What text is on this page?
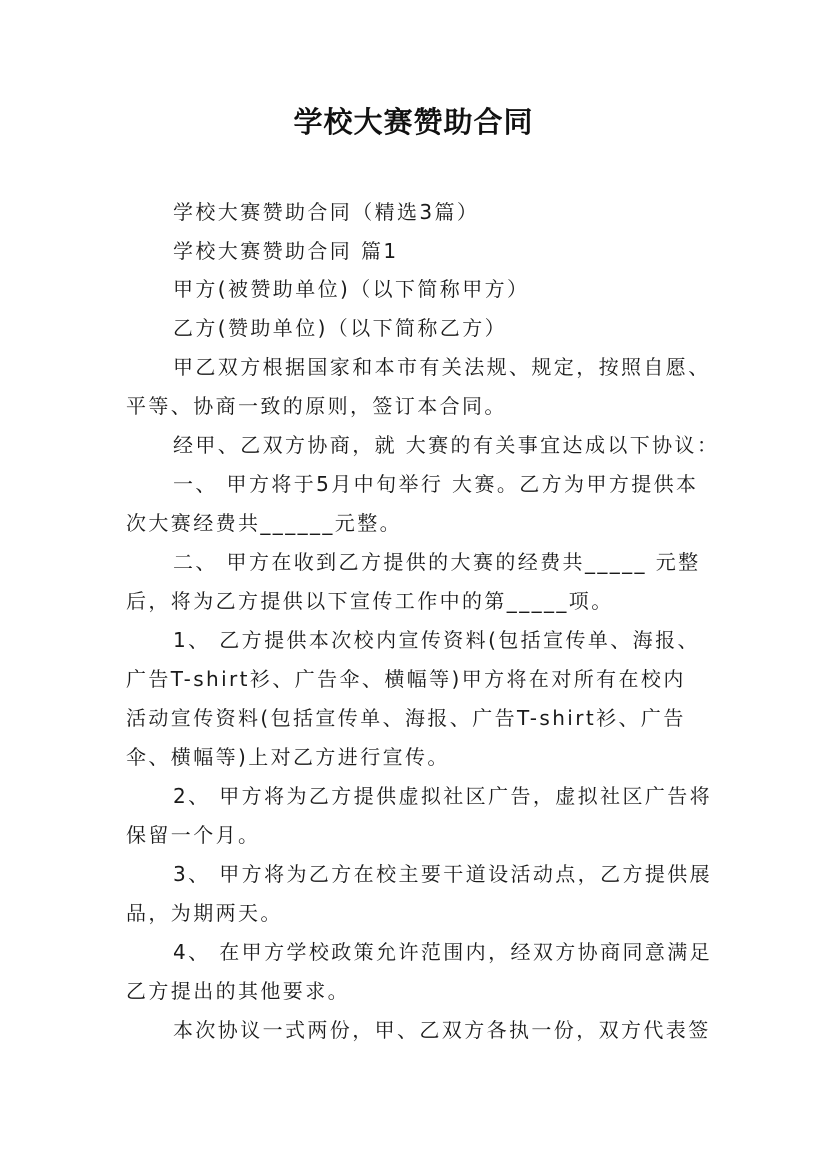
学校大赛赞助合同
学校大赛赞助合同（精选3篇）
学校大赛赞助合同 篇1
甲方(被赞助单位)（以下简称甲方）
乙方(赞助单位)（以下简称乙方）
甲乙双方根据国家和本市有关法规、规定，按照自愿、
平等、协商一致的原则，签订本合同。
经甲、乙双方协商，就 大赛的有关事宜达成以下协议：
一、 甲方将于5月中旬举行 大赛。乙方为甲方提供本
次大赛经费共______元整。
二、 甲方在收到乙方提供的大赛的经费共_____ 元整
后，将为乙方提供以下宣传工作中的第_____项。
1、 乙方提供本次校内宣传资料(包括宣传单、海报、
广告T-shirt衫、广告伞、横幅等)甲方将在对所有在校内
活动宣传资料(包括宣传单、海报、广告T-shirt衫、广告
伞、横幅等)上对乙方进行宣传。
2、 甲方将为乙方提供虚拟社区广告，虚拟社区广告将
保留一个月。
3、 甲方将为乙方在校主要干道设活动点，乙方提供展
品，为期两天。
4、 在甲方学校政策允许范围内，经双方协商同意满足
乙方提出的其他要求。
本次协议一式两份，甲、乙双方各执一份，双方代表签
